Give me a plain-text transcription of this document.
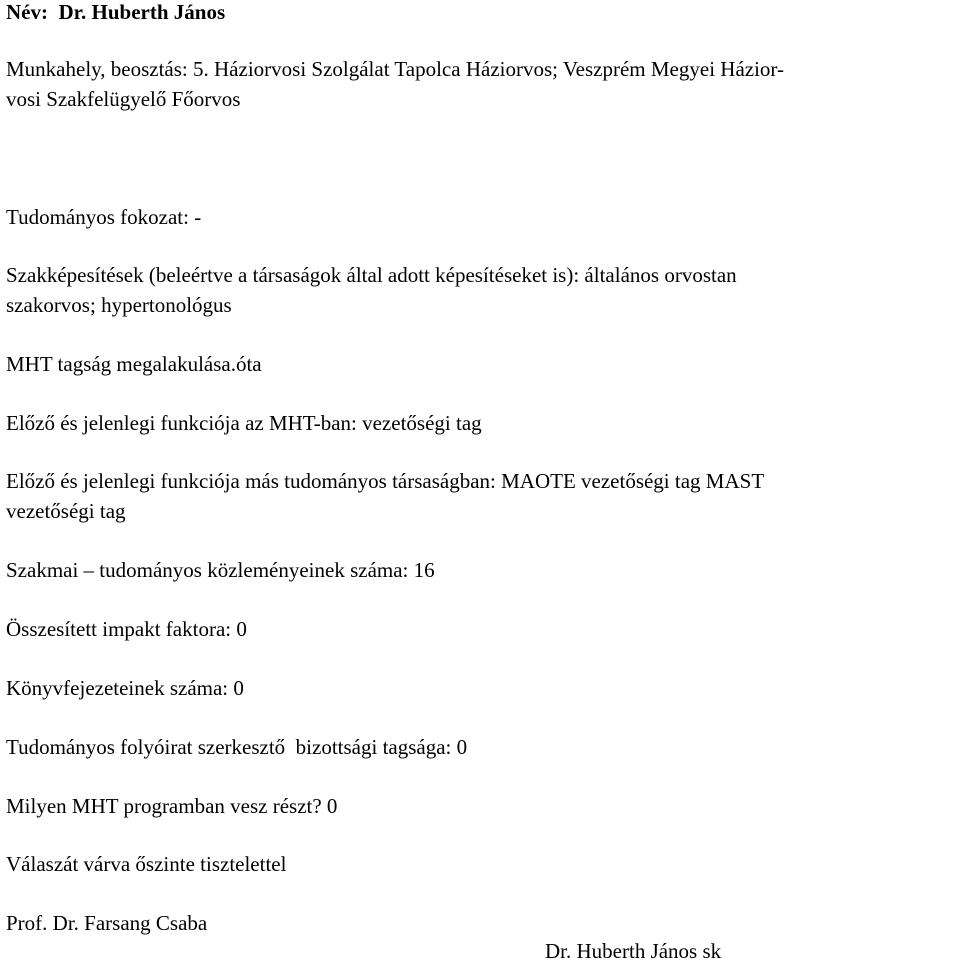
Név:  Dr. Huberth János
Munkahely, beosztás: 5. Háziorvosi Szolgálat Tapolca Háziorvos; Veszprém Megyei Házior-
vosi Szakfelügyelő Főorvos
Tudományos fokozat: -
Szakképesítések (beleértve a társaságok által adott képesítéseket is): általános orvostan
szakorvos; hypertonológus
MHT tagság megalakulása.óta
Előző és jelenlegi funkciója az MHT-ban: vezetőségi tag
Előző és jelenlegi funkciója más tudományos társaságban: MAOTE vezetőségi tag MAST
vezetőségi tag
Szakmai – tudományos közleményeinek száma: 16
Összesített impakt faktora: 0
Könyvfejezeteinek száma: 0
Tudományos folyóirat szerkesztő  bizottsági tagsága: 0
Milyen MHT programban vesz részt? 0
Válaszát várva őszinte tisztelettel
Prof. Dr. Farsang Csaba
Dr. Huberth János sk
